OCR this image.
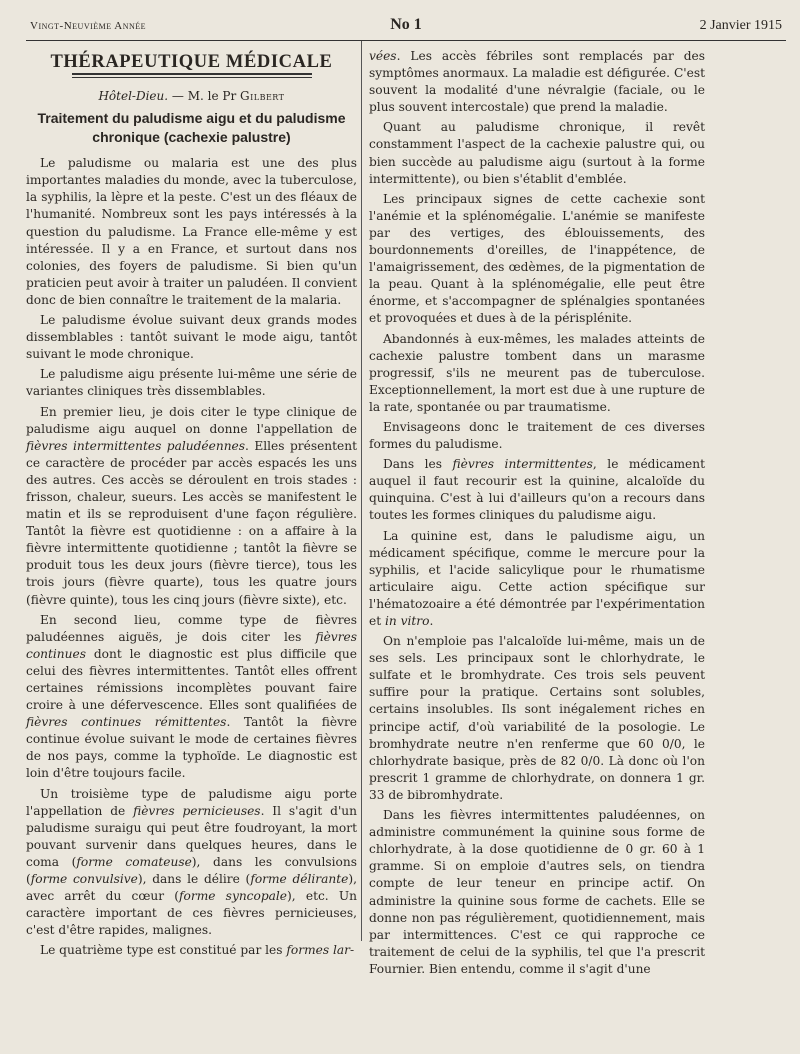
Vingt-Neuvième Année	No 1	2 Janvier 1915
THÉRAPEUTIQUE MÉDICALE
Hôtel-Dieu. — M. le Pr Gilbert
Traitement du paludisme aigu et du paludisme
chronique (cachexie palustre)

Le paludisme ou malaria est une des plus importantes maladies du monde, avec la tuberculose, la syphilis, la lèpre et la peste. C'est un des fléaux de l'humanité. Nombreux sont les pays intéressés à la question du paludisme. La France elle-même y est intéressée. Il y a en France, et surtout dans nos colonies, des foyers de paludisme. Si bien qu'un praticien peut avoir à traiter un paludéen. Il convient donc de bien connaître le traitement de la malaria.

Le paludisme évolue suivant deux grands modes dissemblables : tantôt suivant le mode aigu, tantôt suivant le mode chronique.

Le paludisme aigu présente lui-même une série de variantes cliniques très dissemblables.

En premier lieu, je dois citer le type clinique de paludisme aigu auquel on donne l'appellation de fièvres intermittentes paludéennes. Elles présentent ce caractère de procéder par accès espacés les uns des autres. Ces accès se déroulent en trois stades : frisson, chaleur, sueurs. Les accès se manifestent le matin et ils se reproduisent d'une façon régulière. Tantôt la fièvre est quotidienne : on a affaire à la fièvre intermittente quotidienne ; tantôt la fièvre se produit tous les deux jours (fièvre tierce), tous les trois jours (fièvre quarte), tous les quatre jours (fièvre quinte), tous les cinq jours (fièvre sixte), etc.

En second lieu, comme type de fièvres paludéennes aiguës, je dois citer les fièvres continues dont le diagnostic est plus difficile que celui des fièvres intermittentes. Tantôt elles offrent certaines rémissions incomplètes pouvant faire croire à une défervescence. Elles sont qualifiées de fièvres continues rémittentes. Tantôt la fièvre continue évolue suivant le mode de certaines fièvres de nos pays, comme la typhoïde. Le diagnostic est loin d'être toujours facile.

Un troisième type de paludisme aigu porte l'appellation de fièvres pernicieuses. Il s'agit d'un paludisme suraigu qui peut être foudroyant, la mort pouvant survenir dans quelques heures, dans le coma (forme comateuse), dans les convulsions (forme convulsive), dans le délire (forme délirante), avec arrêt du cœur (forme syncopale), etc. Un caractère important de ces fièvres pernicieuses, c'est d'être rapides, malignes.

Le quatrième type est constitué par les formes lar-

vées. Les accès fébriles sont remplacés par des symptômes anormaux. La maladie est défigurée. C'est souvent la modalité d'une névralgie (faciale, ou le plus souvent intercostale) que prend la maladie.

Quant au paludisme chronique, il revêt constamment l'aspect de la cachexie palustre qui, ou bien succède au paludisme aigu (surtout à la forme intermittente), ou bien s'établit d'emblée.

Les principaux signes de cette cachexie sont l'anémie et la splénomégalie. L'anémie se manifeste par des vertiges, des éblouissements, des bourdonnements d'oreilles, de l'inappétence, de l'amaigrissement, des œdèmes, de la pigmentation de la peau. Quant à la splénomégalie, elle peut être énorme, et s'accompagner de splénalgies spontanées et provoquées et dues à de la périsplénite.

Abandonnés à eux-mêmes, les malades atteints de cachexie palustre tombent dans un marasme progressif, s'ils ne meurent pas de tuberculose. Exceptionnellement, la mort est due à une rupture de la rate, spontanée ou par traumatisme.

Envisageons donc le traitement de ces diverses formes du paludisme.

Dans les fièvres intermittentes, le médicament auquel il faut recourir est la quinine, alcaloïde du quinquina. C'est à lui d'ailleurs qu'on a recours dans toutes les formes cliniques du paludisme aigu.

La quinine est, dans le paludisme aigu, un médicament spécifique, comme le mercure pour la syphilis, et l'acide salicylique pour le rhumatisme articulaire aigu. Cette action spécifique sur l'hématozoaire a été démontrée par l'expérimentation et in vitro.

On n'emploie pas l'alcaloïde lui-même, mais un de ses sels. Les principaux sont le chlorhydrate, le sulfate et le bromhydrate. Ces trois sels peuvent suffire pour la pratique. Certains sont solubles, certains insolubles. Ils sont inégalement riches en principe actif, d'où variabilité de la posologie. Le bromhydrate neutre n'en renferme que 60 0/0, le chlorhydrate basique, près de 82 0/0. Là donc où l'on prescrit 1 gramme de chlorhydrate, on donnera 1 gr. 33 de bibromhydrate.

Dans les fièvres intermittentes paludéennes, on administre communément la quinine sous forme de chlorhydrate, à la dose quotidienne de 0 gr. 60 à 1 gramme. Si on emploie d'autres sels, on tiendra compte de leur teneur en principe actif. On administre la quinine sous forme de cachets. Elle se donne non pas régulièrement, quotidiennement, mais par intermittences. C'est ce qui rapproche ce traitement de celui de la syphilis, tel que l'a prescrit Fournier. Bien entendu, comme il s'agit d'une
